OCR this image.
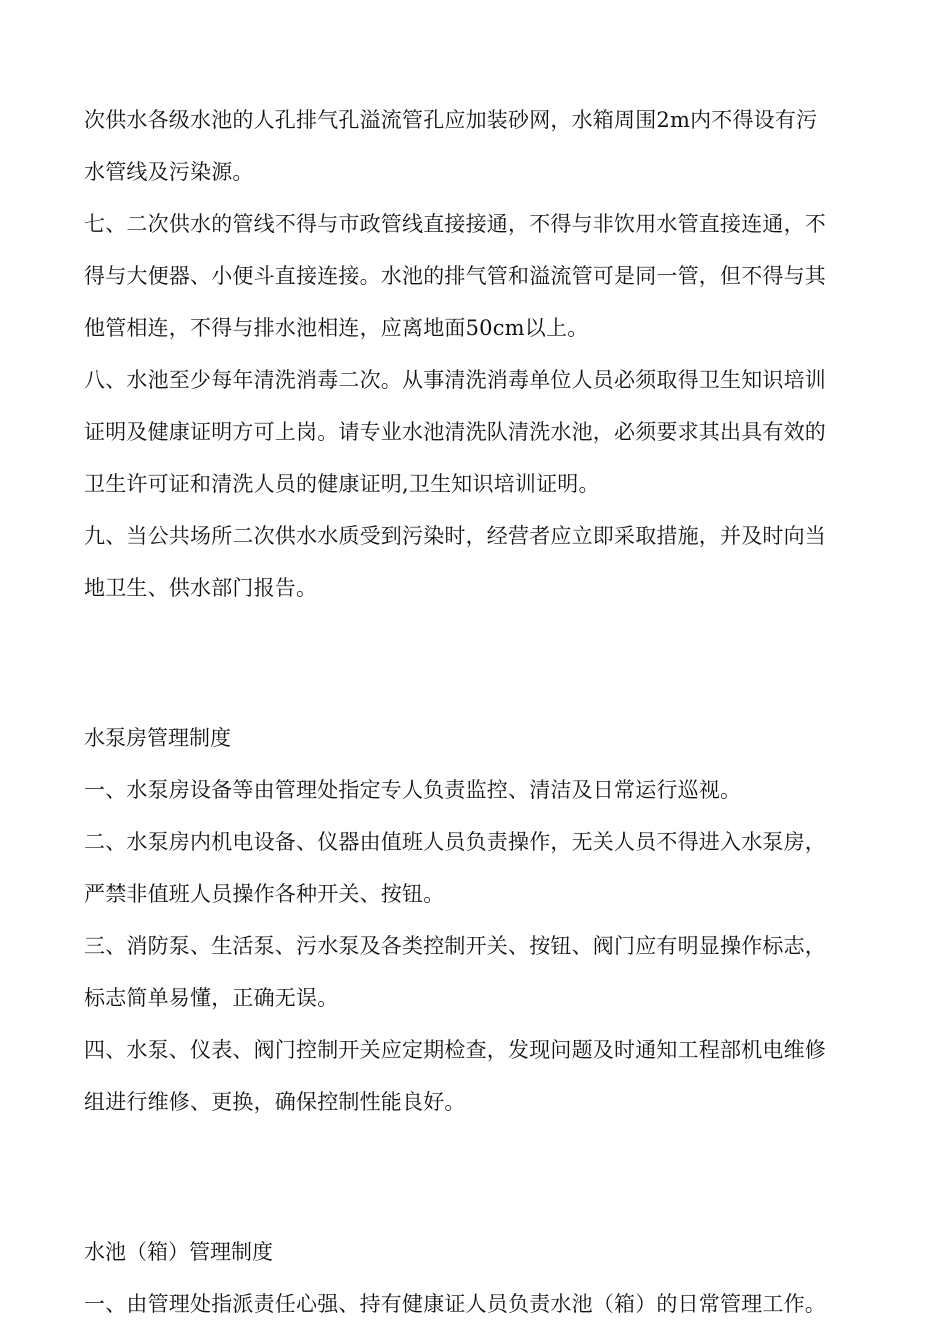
次供水各级水池的人孔排气孔溢流管孔应加装砂网，水箱周围2m内不得设有污
水管线及污染源。

七、二次供水的管线不得与市政管线直接接通，不得与非饮用水管直接连通，不
得与大便器、小便斗直接连接。水池的排气管和溢流管可是同一管，但不得与其
他管相连，不得与排水池相连，应离地面50cm以上。

八、水池至少每年清洗消毒二次。从事清洗消毒单位人员必须取得卫生知识培训
证明及健康证明方可上岗。请专业水池清洗队清洗水池，必须要求其出具有效的
卫生许可证和清洗人员的健康证明,卫生知识培训证明。

九、当公共场所二次供水水质受到污染时，经营者应立即采取措施，并及时向当
地卫生、供水部门报告。

水泵房管理制度

一、水泵房设备等由管理处指定专人负责监控、清洁及日常运行巡视。

二、水泵房内机电设备、仪器由值班人员负责操作，无关人员不得进入水泵房，
严禁非值班人员操作各种开关、按钮。

三、消防泵、生活泵、污水泵及各类控制开关、按钮、阀门应有明显操作标志，
标志简单易懂，正确无误。

四、水泵、仪表、阀门控制开关应定期检查，发现问题及时通知工程部机电维修
组进行维修、更换，确保控制性能良好。

水池（箱）管理制度

一、由管理处指派责任心强、持有健康证人员负责水池（箱）的日常管理工作。
